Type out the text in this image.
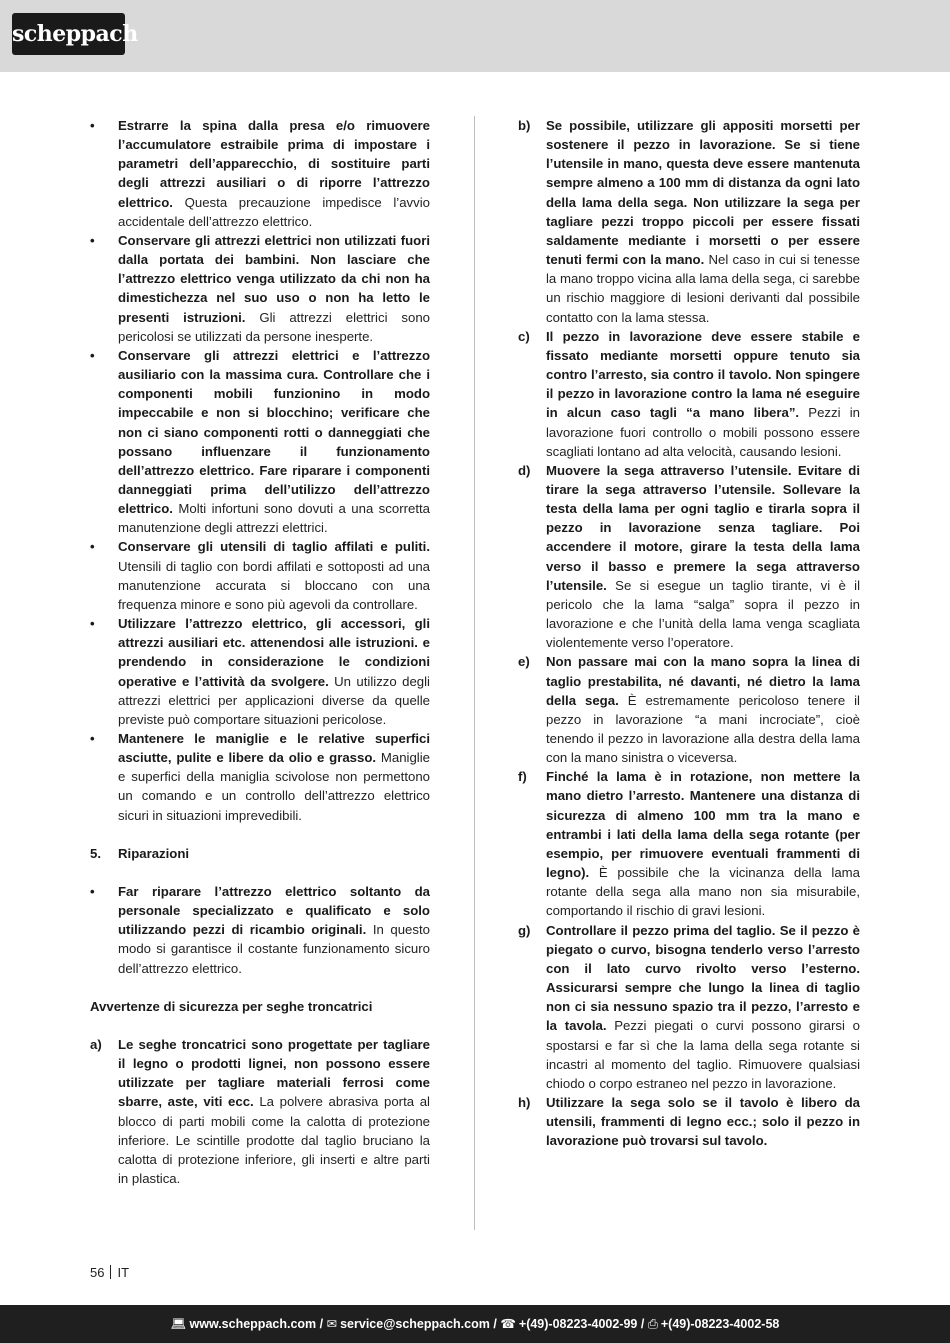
scheppach
•	Estrarre la spina dalla presa e/o rimuovere l’accumulatore estraibile prima di impostare i parametri dell’apparecchio, di sostituire parti degli attrezzi ausiliari o di riporre l’attrezzo elettrico. Questa precauzione impedisce l’avvio accidentale dell’attrezzo elettrico.
•	Conservare gli attrezzi elettrici non utilizzati fuori dalla portata dei bambini. Non lasciare che l’attrezzo elettrico venga utilizzato da chi non ha dimestichezza nel suo uso o non ha letto le presenti istruzioni. Gli attrezzi elettrici sono pericolosi se utilizzati da persone inesperte.
•	Conservare gli attrezzi elettrici e l’attrezzo ausiliario con la massima cura. Controllare che i componenti mobili funzionino in modo impeccabile e non si blocchino; verificare che non ci siano componenti rotti o danneggiati che possano influenzare il funzionamento dell’attrezzo elettrico. Fare riparare i componenti danneggiati prima dell’utilizzo dell’attrezzo elettrico. Molti infortuni sono dovuti a una scorretta manutenzione degli attrezzi elettrici.
•	Conservare gli utensili di taglio affilati e puliti. Utensili di taglio con bordi affilati e sottoposti ad una manutenzione accurata si bloccano con una frequenza minore e sono più agevoli da controllare.
•	Utilizzare l’attrezzo elettrico, gli accessori, gli attrezzi ausiliari etc. attenendosi alle istruzioni. e prendendo in considerazione le condizioni operative e l’attività da svolgere. Un utilizzo degli attrezzi elettrici per applicazioni diverse da quelle previste può comportare situazioni pericolose.
•	Mantenere le maniglie e le relative superfici asciutte, pulite e libere da olio e grasso. Maniglie e superfici della maniglia scivolose non permettono un comando e un controllo dell’attrezzo elettrico sicuri in situazioni imprevedibili.
5.	Riparazioni
•	Far riparare l’attrezzo elettrico soltanto da personale specializzato e qualificato e solo utilizzando pezzi di ricambio originali. In questo modo si garantisce il costante funzionamento sicuro dell’attrezzo elettrico.
Avvertenze di sicurezza per seghe troncatrici
a)	Le seghe troncatrici sono progettate per tagliare il legno o prodotti lignei, non possono essere utilizzate per tagliare materiali ferrosi come sbarre, aste, viti ecc. La polvere abrasiva porta al blocco di parti mobili come la calotta di protezione inferiore. Le scintille prodotte dal taglio bruciano la calotta di protezione inferiore, gli inserti e altre parti in plastica.
b)	Se possibile, utilizzare gli appositi morsetti per sostenere il pezzo in lavorazione. Se si tiene l’utensile in mano, questa deve essere mantenuta sempre almeno a 100 mm di distanza da ogni lato della lama della sega. Non utilizzare la sega per tagliare pezzi troppo piccoli per essere fissati saldamente mediante i morsetti o per essere tenuti fermi con la mano. Nel caso in cui si tenesse la mano troppo vicina alla lama della sega, ci sarebbe un rischio maggiore di lesioni derivanti dal possibile contatto con la lama stessa.
c)	Il pezzo in lavorazione deve essere stabile e fissato mediante morsetti oppure tenuto sia contro l’arresto, sia contro il tavolo. Non spingere il pezzo in lavorazione contro la lama né eseguire in alcun caso tagli “a mano libera”. Pezzi in lavorazione fuori controllo o mobili possono essere scagliati lontano ad alta velocità, causando lesioni.
d)	Muovere la sega attraverso l’utensile. Evitare di tirare la sega attraverso l’utensile. Sollevare la testa della lama per ogni taglio e tirarla sopra il pezzo in lavorazione senza tagliare. Poi accendere il motore, girare la testa della lama verso il basso e premere la sega attraverso l’utensile. Se si esegue un taglio tirante, vi è il pericolo che la lama “salga” sopra il pezzo in lavorazione e che l’unità della lama venga scagliata violentemente verso l’operatore.
e)	Non passare mai con la mano sopra la linea di taglio prestabilita, né davanti, né dietro la lama della sega. È estremamente pericoloso tenere il pezzo in lavorazione “a mani incrociate”, cioè tenendo il pezzo in lavorazione alla destra della lama con la mano sinistra o viceversa.
f)	Finché la lama è in rotazione, non mettere la mano dietro l’arresto. Mantenere una distanza di sicurezza di almeno 100 mm tra la mano e entrambi i lati della lama della sega rotante (per esempio, per rimuovere eventuali frammenti di legno). È possibile che la vicinanza della lama rotante della sega alla mano non sia misurabile, comportando il rischio di gravi lesioni.
g)	Controllare il pezzo prima del taglio. Se il pezzo è piegato o curvo, bisogna tenderlo verso l’arresto con il lato curvo rivolto verso l’esterno. Assicurarsi sempre che lungo la linea di taglio non ci sia nessuno spazio tra il pezzo, l’arresto e la tavola. Pezzi piegati o curvi possono girarsi o spostarsi e far sì che la lama della sega rotante si incastri al momento del taglio. Rimuovere qualsiasi chiodo o corpo estraneo nel pezzo in lavorazione.
h)	Utilizzare la sega solo se il tavolo è libero da utensili, frammenti di legno ecc.; solo il pezzo in lavorazione può trovarsi sul tavolo.
56 IT
💻︎ www.scheppach.com / ✉︎ service@scheppach.com / ☎︎ +(49)-08223-4002-99 / ⎙ +(49)-08223-4002-58
